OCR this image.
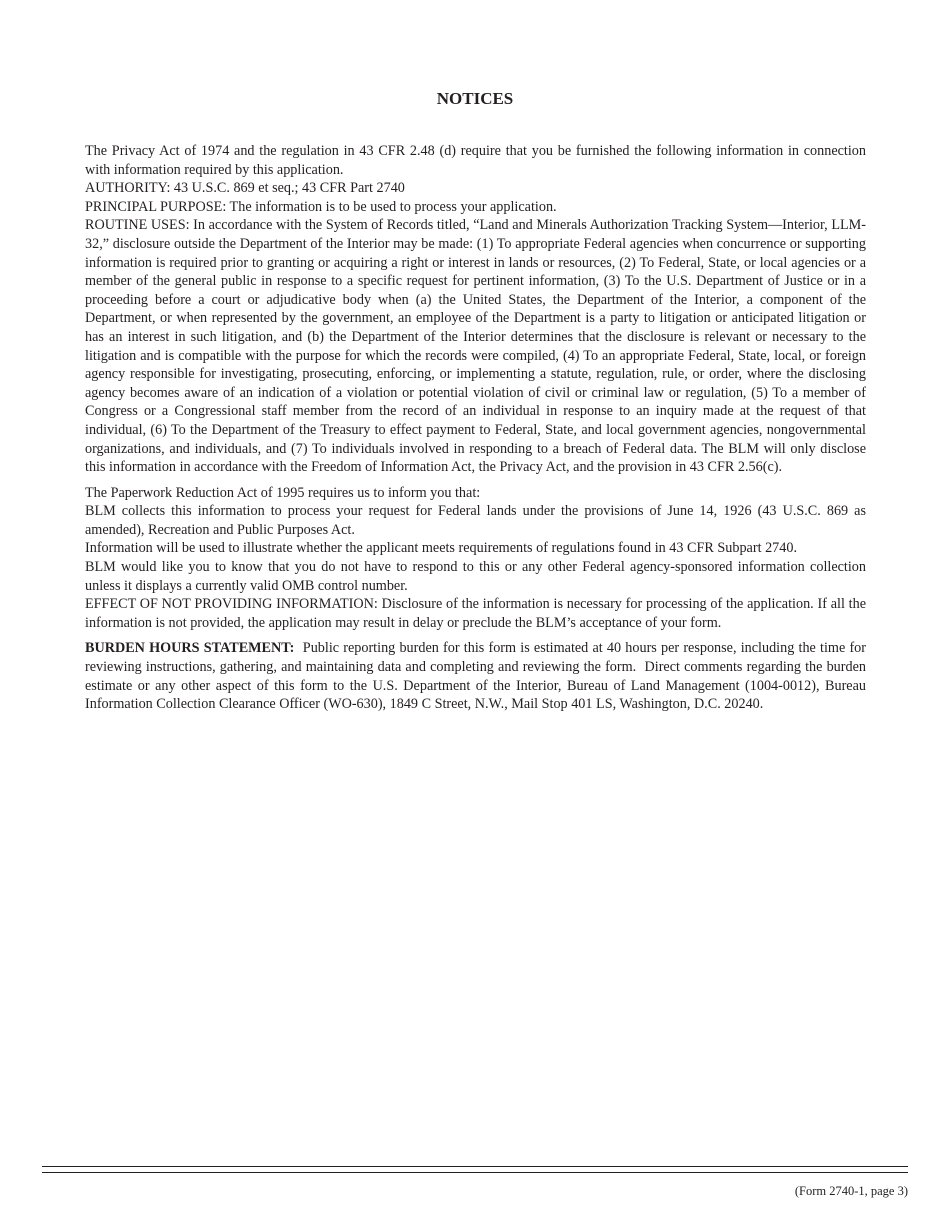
NOTICES

The Privacy Act of 1974 and the regulation in 43 CFR 2.48 (d) require that you be furnished the following information in connection with information required by this application.

AUTHORITY: 43 U.S.C. 869 et seq.; 43 CFR Part 2740

PRINCIPAL PURPOSE: The information is to be used to process your application.

ROUTINE USES: In accordance with the System of Records titled, “Land and Minerals Authorization Tracking System—Interior, LLM-32,” disclosure outside the Department of the Interior may be made: (1) To appropriate Federal agencies when concurrence or supporting information is required prior to granting or acquiring a right or interest in lands or resources, (2) To Federal, State, or local agencies or a member of the general public in response to a specific request for pertinent information, (3) To the U.S. Department of Justice or in a proceeding before a court or adjudicative body when (a) the United States, the Department of the Interior, a component of the Department, or when represented by the government, an employee of the Department is a party to litigation or anticipated litigation or has an interest in such litigation, and (b) the Department of the Interior determines that the disclosure is relevant or necessary to the litigation and is compatible with the purpose for which the records were compiled, (4) To an appropriate Federal, State, local, or foreign agency responsible for investigating, prosecuting, enforcing, or implementing a statute, regulation, rule, or order, where the disclosing agency becomes aware of an indication of a violation or potential violation of civil or criminal law or regulation, (5) To a member of Congress or a Congressional staff member from the record of an individual in response to an inquiry made at the request of that individual, (6) To the Department of the Treasury to effect payment to Federal, State, and local government agencies, nongovernmental organizations, and individuals, and (7) To individuals involved in responding to a breach of Federal data. The BLM will only disclose this information in accordance with the Freedom of Information Act, the Privacy Act, and the provision in 43 CFR 2.56(c).

The Paperwork Reduction Act of 1995 requires us to inform you that:

BLM collects this information to process your request for Federal lands under the provisions of June 14, 1926 (43 U.S.C. 869 as amended), Recreation and Public Purposes Act.

Information will be used to illustrate whether the applicant meets requirements of regulations found in 43 CFR Subpart 2740.

BLM would like you to know that you do not have to respond to this or any other Federal agency-sponsored information collection unless it displays a currently valid OMB control number.

EFFECT OF NOT PROVIDING INFORMATION: Disclosure of the information is necessary for processing of the application. If all the information is not provided, the application may result in delay or preclude the BLM’s acceptance of your form.

BURDEN HOURS STATEMENT:  Public reporting burden for this form is estimated at 40 hours per response, including the time for reviewing instructions, gathering, and maintaining data and completing and reviewing the form.  Direct comments regarding the burden estimate or any other aspect of this form to the U.S. Department of the Interior, Bureau of Land Management (1004-0012), Bureau Information Collection Clearance Officer (WO-630), 1849 C Street, N.W., Mail Stop 401 LS, Washington, D.C. 20240.

(Form 2740-1, page 3)
